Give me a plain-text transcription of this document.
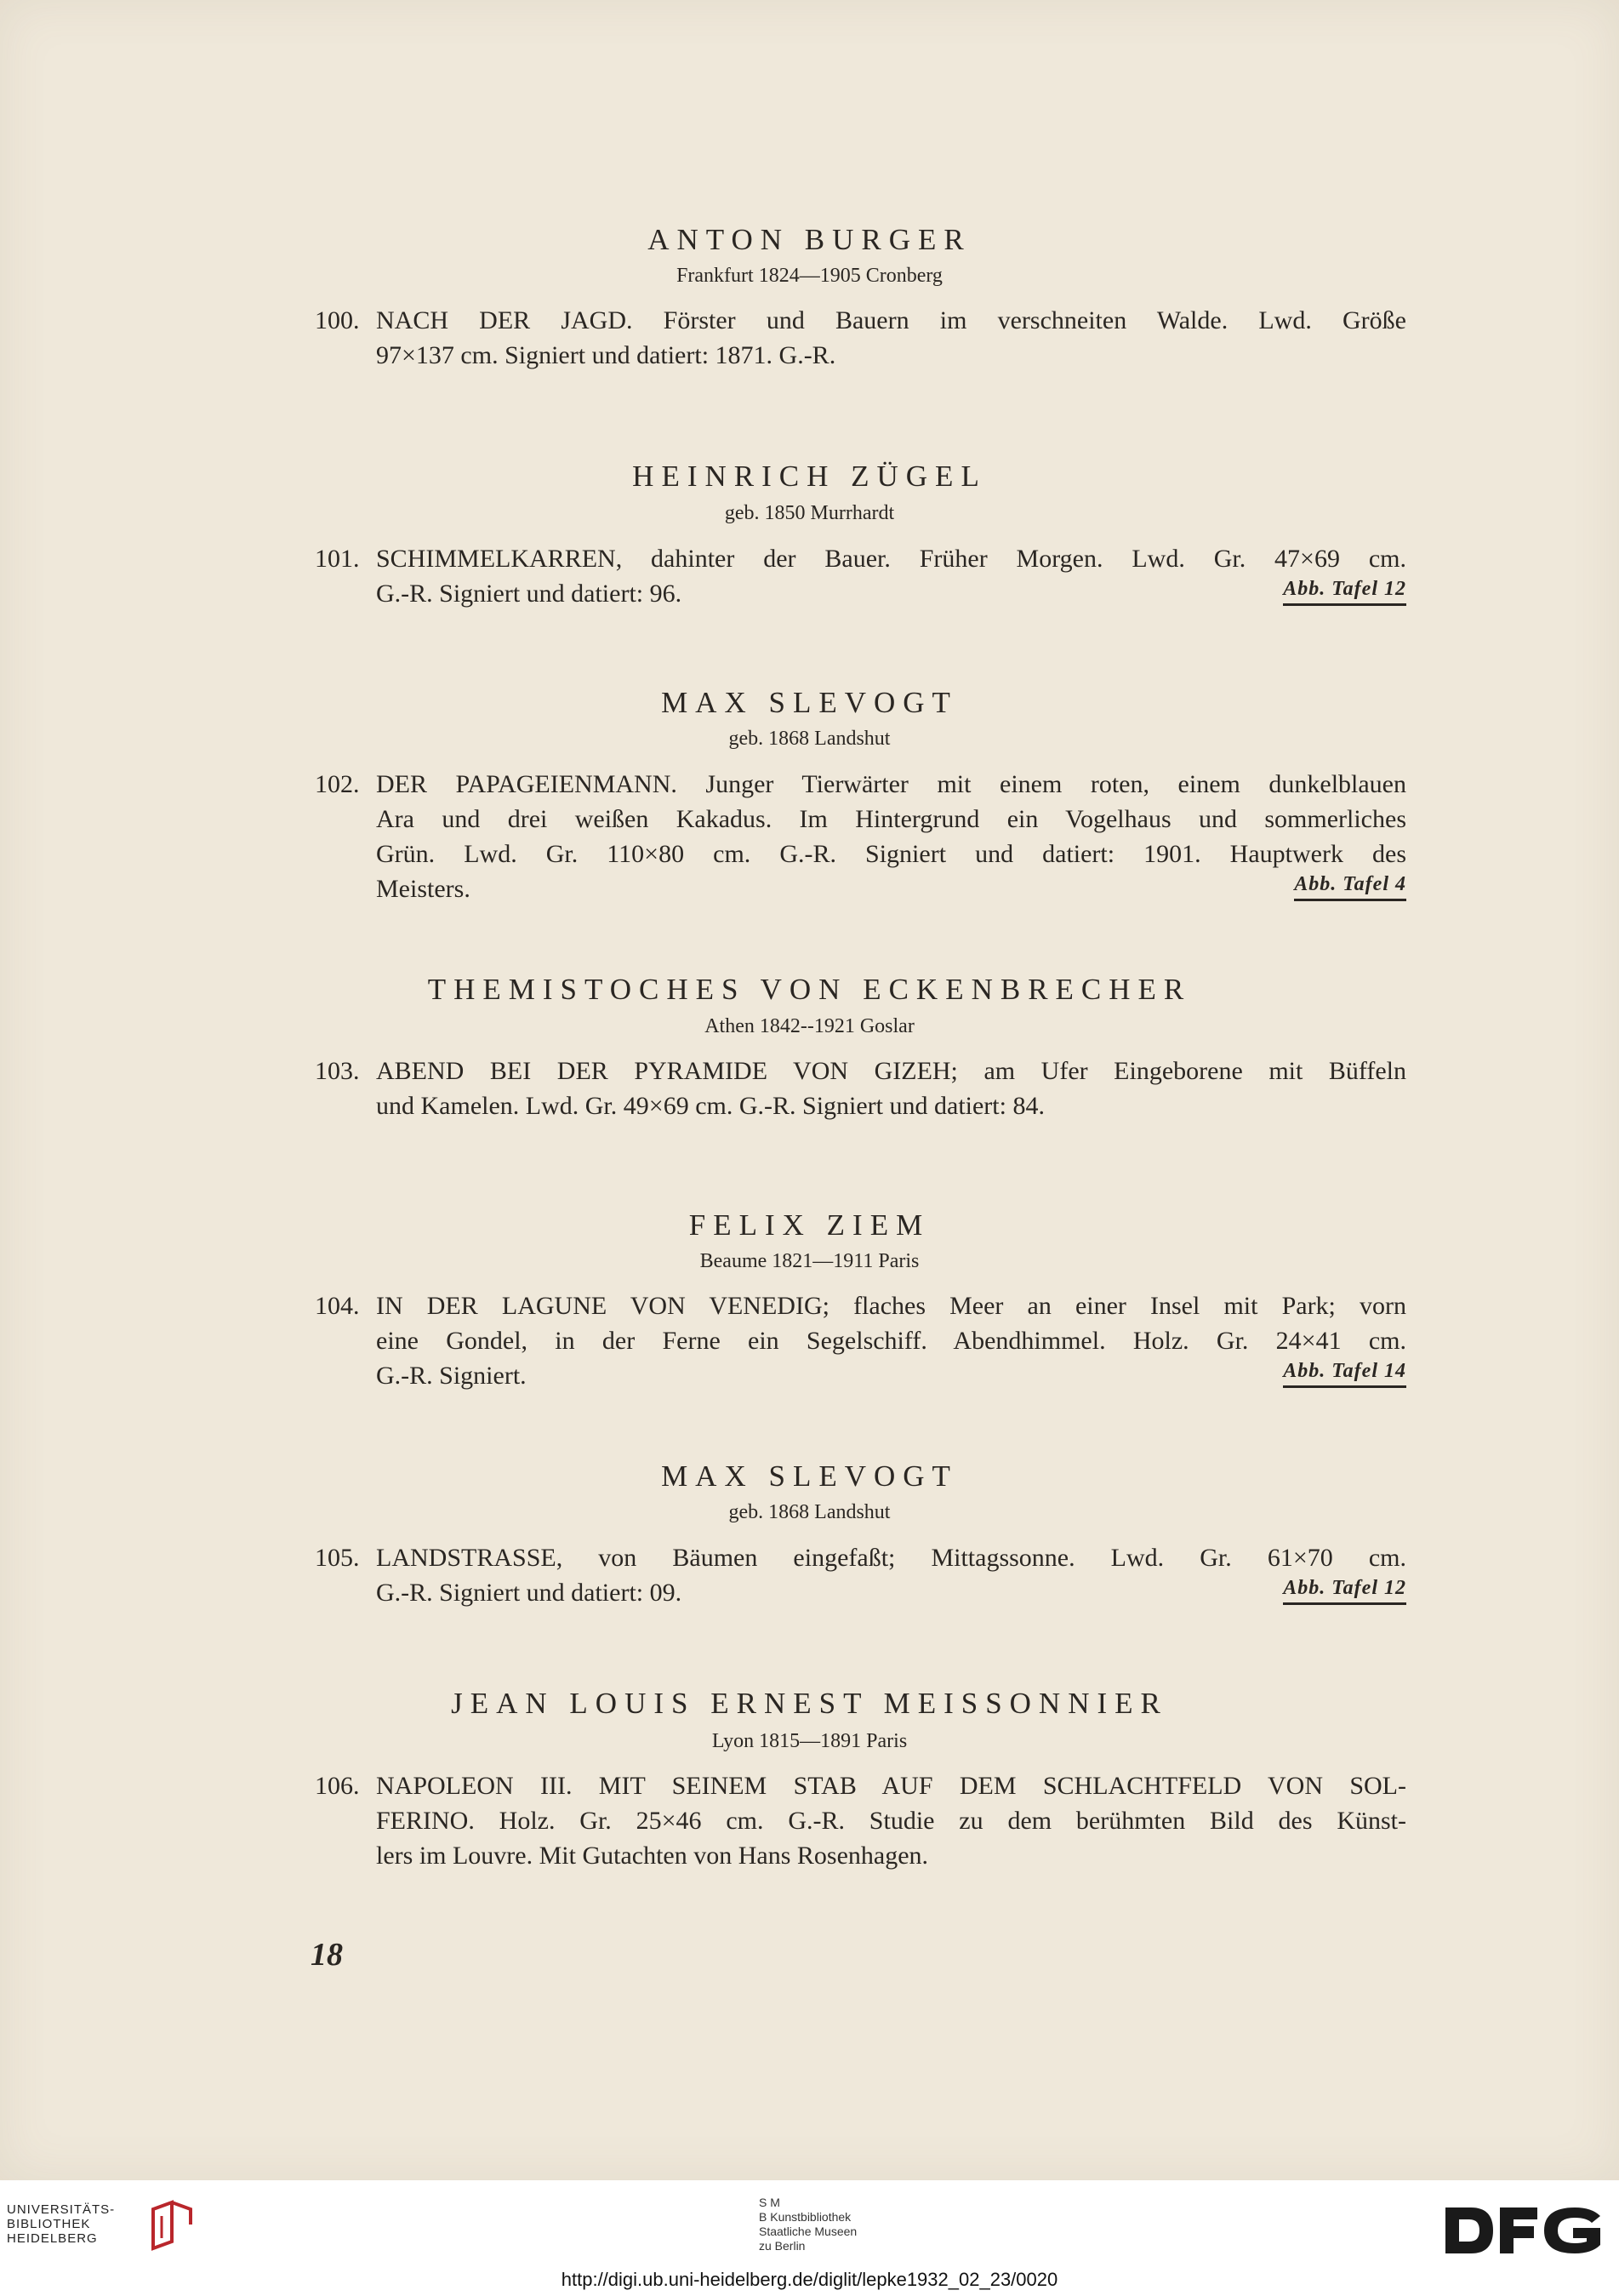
ANTON BURGER
Frankfurt 1824—1905 Cronberg
100. NACH DER JAGD. Förster und Bauern im verschneiten Walde. Lwd. Größe
97×137 cm. Signiert und datiert: 1871. G.-R.
HEINRICH ZÜGEL
geb. 1850 Murrhardt
101. SCHIMMELKARREN, dahinter der Bauer. Früher Morgen. Lwd. Gr. 47×69 cm.
G.-R. Signiert und datiert: 96.	Abb. Tafel 12
MAX SLEVOGT
geb. 1868 Landshut
102. DER PAPAGEIENMANN. Junger Tierwärter mit einem roten, einem dunkelblauen
Ara und drei weißen Kakadus. Im Hintergrund ein Vogelhaus und sommerliches
Grün. Lwd. Gr. 110×80 cm. G.-R. Signiert und datiert: 1901. Hauptwerk des
Meisters.	Abb. Tafel 4
THEMISTOCHES VON ECKENBRECHER
Athen 1842--1921 Goslar
103. ABEND BEI DER PYRAMIDE VON GIZEH; am Ufer Eingeborene mit Büffeln
und Kamelen. Lwd. Gr. 49×69 cm. G.-R. Signiert und datiert: 84.
FELIX ZIEM
Beaume 1821—1911 Paris
104. IN DER LAGUNE VON VENEDIG; flaches Meer an einer Insel mit Park; vorn
eine Gondel, in der Ferne ein Segelschiff. Abendhimmel. Holz. Gr. 24×41 cm.
G.-R. Signiert.	Abb. Tafel 14
MAX SLEVOGT
geb. 1868 Landshut
105. LANDSTRASSE, von Bäumen eingefaßt; Mittagssonne. Lwd. Gr. 61×70 cm.
G.-R. Signiert und datiert: 09.	Abb. Tafel 12
JEAN LOUIS ERNEST MEISSONNIER
Lyon 1815—1891 Paris
106. NAPOLEON III. MIT SEINEM STAB AUF DEM SCHLACHTFELD VON SOL-
FERINO. Holz. Gr. 25×46 cm. G.-R. Studie zu dem berühmten Bild des Künst-
lers im Louvre. Mit Gutachten von Hans Rosenhagen.
18
UNIVERSITÄTS-
BIBLIOTHEK
HEIDELBERG
S M
B Kunstbibliothek
Staatliche Museen
zu Berlin
http://digi.ub.uni-heidelberg.de/diglit/lepke1932_02_23/0020
